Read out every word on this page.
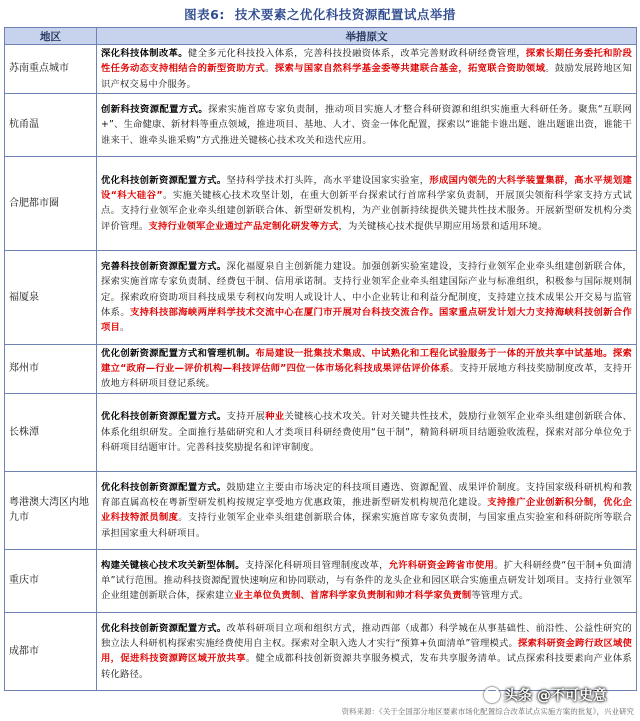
图表6: 技术要素之优化科技资源配置试点举措
地区	举措原文
苏南重点城市	深化科技体制改革。健全多元化科技投入体系，完善科技投融资体系，改革完善财政科研经费管理，探索长期任务委托和阶段性任务动态支持相结合的新型资助方式。探索与国家自然科学基金委等共建联合基金，拓宽联合资助领域。鼓励发展跨地区知识产权交易中介服务。
杭甬温	创新科技资源配置方式。探索实施首席专家负责制，推动项目实施人才整合科研资源和组织实施重大科研任务。聚焦“互联网+”、生命健康、新材料等重点领域，推进项目、基地、人才、资金一体化配置，探索以“谁能卡谁出题、谁出题谁出资，谁能干谁来干、谁牵头谁采购”方式推进关键核心技术攻关和迭代应用。
合肥都市圈	优化科技创新资源配置方式。坚持科学技术打头阵，高水平建设国家实验室，形成国内领先的大科学装置集群，高水平规划建设“科大硅谷”。实施关键核心技术攻坚计划，在重大创新平台探索试行首席科学家负责制，开展顶尖领衔科学家支持方式试点。支持行业领军企业牵头组建创新联合体、新型研发机构，为产业创新持续提供关键共性技术服务。开展新型研发机构分类评价管理。支持行业领军企业通过产品定制化研发等方式，为关键核心技术提供早期应用场景和适用环境。
福厦泉	完善科技创新资源配置方式。深化福厦泉自主创新能力建设。加强创新实验室建设，支持行业领军企业牵头组建创新联合体，探索实施首席专家负责制、经费包干制、信用承诺制。支持行业领军企业牵头组建国际产业与标准组织，积极参与国际规则制定。探索政府资助项目科技成果专利权向发明人或设计人、中小企业转让和利益分配制度，支持建立技术成果公开交易与监管体系。支持科技部海峡两岸科学技术交流中心在厦门市开展对台科技交流合作。国家重点研发计划大力支持海峡科技创新合作项目。
郑州市	优化创新资源配置方式和管理机制。布局建设一批集技术集成、中试熟化和工程化试验服务于一体的开放共享中试基地。探索建立“政府—行业—评价机构—科技评估师”四位一体市场化科技成果评估评价体系。支持开展地方科技奖励制度改革，支持开放地方科研项目登记系统。
长株潭	优化科技创新资源配置方式。支持开展种业关键核心技术攻关。针对关键共性技术，鼓励行业领军企业牵头组建创新联合体、体系化组织研发。全面推行基础研究和人才类项目科研经费使用“包干制”，精简科研项目结题验收流程，探索对部分单位免于科研项目结题审计。完善科技奖励提名和评审制度。
粤港澳大湾区内地九市	优化科技创新资源配置方式。鼓励建立主要由市场决定的科技项目遴选、资源配置、成果评价制度。支持国家级科研机构和教育部直属高校在粤新型研发机构按规定享受地方优惠政策，推进新型研发机构规范化建设。支持推广企业创新积分制，优化企业科技特派员制度。支持行业领军企业牵头组建创新联合体，探索实施首席专家负责制，与国家重点实验室和科研院所等联合承担国家重大科研项目。
重庆市	构建关键核心技术攻关新型体制。支持深化科研项目管理制度改革，允许科研资金跨省市使用。扩大科研经费“包干制+负面清单”试行范围。推动科技资源配置快速响应和协同联动，与有条件的龙头企业和园区联合实施重点研发计划项目。支持行业领军企业组建创新联合体，探索建立业主单位负责制、首席科学家负责制和帅才科学家负责制等管理方式。
成都市	优化科技创新资源配置方式。改革科研项目立项和组织方式，推动西部（成都）科学城在从事基础性、前沿性、公益性研究的独立法人科研机构探索实施经费使用自主权。探索对全职入选人才实行“预算+负面清单”管理模式。探索科研资金跨行政区域使用，促进科技资源跨区域开放共享。健全成都科技创新资源共享服务模式，发布共享服务清单。试点探索科技要素向产业体系转化路径。
资料来源：《关于全国部分地区要素市场化配置综合改革试点实施方案的批复》，兴业研究
头条 @不可史意
